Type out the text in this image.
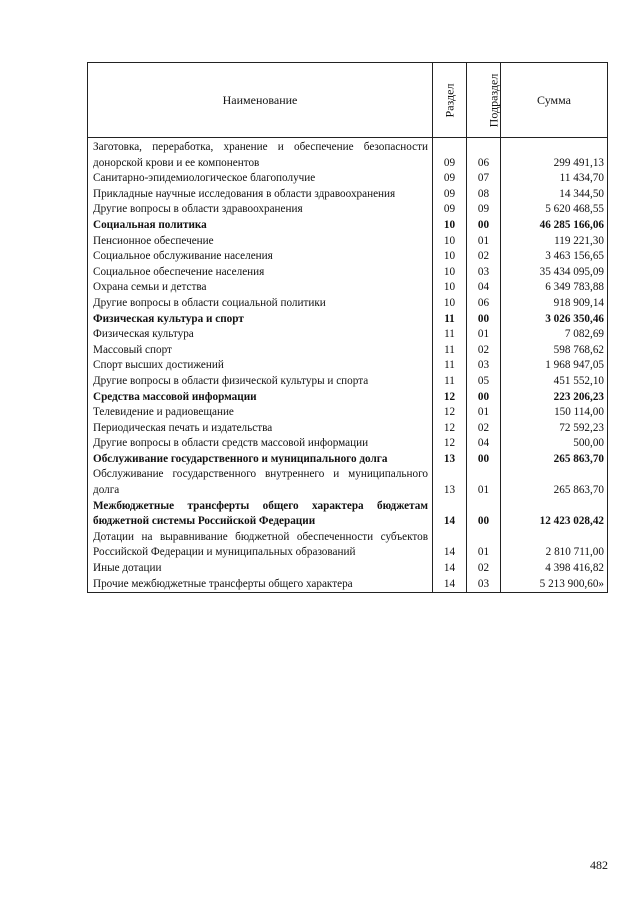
Наименование	Раздел	Подраздел	Сумма
Заготовка, переработка, хранение и обеспечение безопасности донорской крови и ее компонентов	09	06	299 491,13
Санитарно-эпидемиологическое благополучие	09	07	11 434,70
Прикладные научные исследования в области здравоохранения	09	08	14 344,50
Другие вопросы в области здравоохранения	09	09	5 620 468,55
Социальная политика	10	00	46 285 166,06
Пенсионное обеспечение	10	01	119 221,30
Социальное обслуживание населения	10	02	3 463 156,65
Социальное обеспечение населения	10	03	35 434 095,09
Охрана семьи и детства	10	04	6 349 783,88
Другие вопросы в области социальной политики	10	06	918 909,14
Физическая культура и спорт	11	00	3 026 350,46
Физическая культура	11	01	7 082,69
Массовый спорт	11	02	598 768,62
Спорт высших достижений	11	03	1 968 947,05
Другие вопросы в области физической культуры и спорта	11	05	451 552,10
Средства массовой информации	12	00	223 206,23
Телевидение и радиовещание	12	01	150 114,00
Периодическая печать и издательства	12	02	72 592,23
Другие вопросы в области средств массовой информации	12	04	500,00
Обслуживание государственного и муниципального долга	13	00	265 863,70
Обслуживание государственного внутреннего и муниципального долга	13	01	265 863,70
Межбюджетные трансферты общего характера бюджетам бюджетной системы Российской Федерации	14	00	12 423 028,42
Дотации на выравнивание бюджетной обеспеченности субъектов Российской Федерации и муниципальных образований	14	01	2 810 711,00
Иные дотации	14	02	4 398 416,82
Прочие межбюджетные трансферты общего характера	14	03	5 213 900,60»
482
